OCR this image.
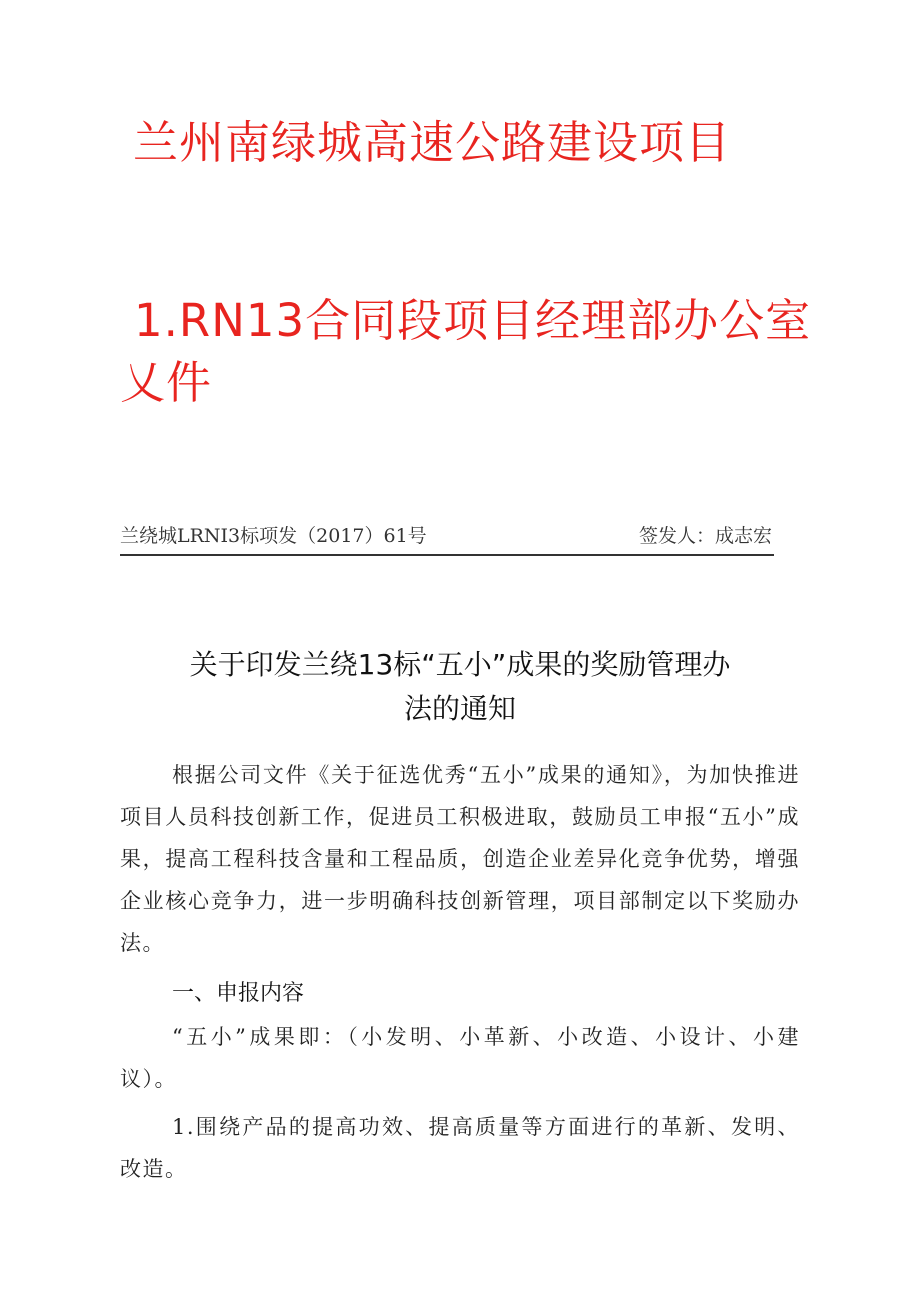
兰州南绿城高速公路建设项目
1.RN13合同段项目经理部办公室
乂件
兰绕城LRNI3标项发（2017）61号	签发人：成志宏
关于印发兰绕13标“五小”成果的奖励管理办
法的通知
根据公司文件《关于征选优秀“五小”成果的通知》，为加快推进项目人员科技创新工作，促进员工积极进取，鼓励员工申报“五小”成果，提高工程科技含量和工程品质，创造企业差异化竞争优势，增强企业核心竞争力，进一步明确科技创新管理，项目部制定以下奖励办法。
一、申报内容
“五小”成果即：（小发明、小革新、小改造、小设计、小建议）。
1.围绕产品的提高功效、提高质量等方面进行的革新、发明、改造。
